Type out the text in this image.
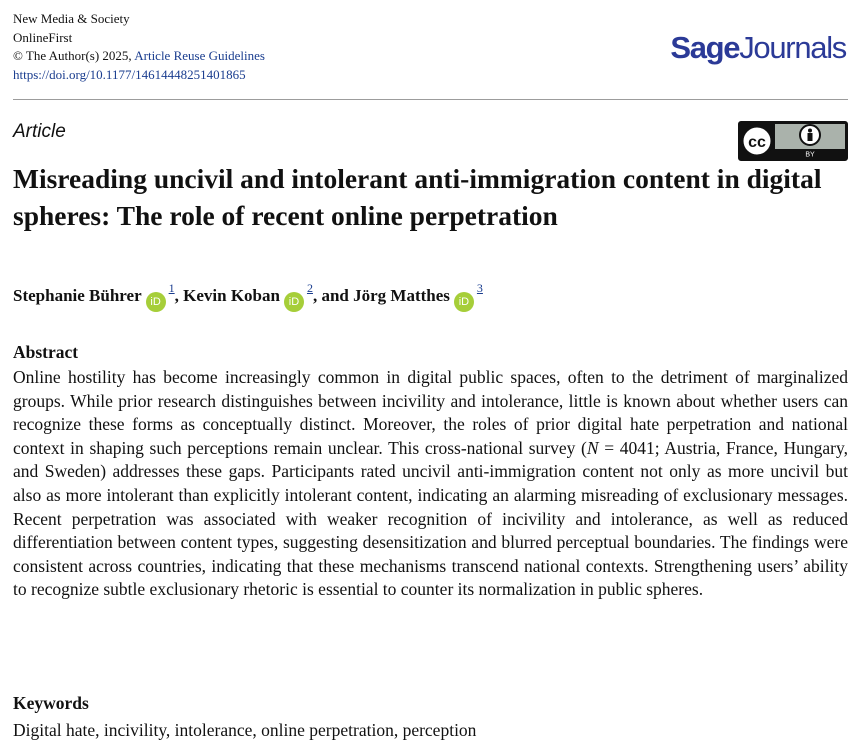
New Media & Society
OnlineFirst
© The Author(s) 2025, Article Reuse Guidelines
https://doi.org/10.1177/14614448251401865
SageJournals
Article
cc
BY
Misreading uncivil and intolerant anti-immigration content in digital spheres: The role of recent online perpetration
Stephanie Bührer iD$^1$, Kevin Koban iD$^2$, and Jörg Matthes iD$^3$
Abstract

Online hostility has become increasingly common in digital public spaces, often to the detriment of marginalized groups. While prior research distinguishes between incivility and intolerance, little is known about whether users can recognize these forms as conceptually distinct. Moreover, the roles of prior digital hate perpetration and national context in shaping such perceptions remain unclear. This cross-national survey (N = 4041; Austria, France, Hungary, and Sweden) addresses these gaps. Participants rated uncivil anti-immigration content not only as more uncivil but also as more intolerant than explicitly intolerant content, indicating an alarming misreading of exclusionary messages. Recent perpetration was associated with weaker recognition of incivility and intolerance, as well as reduced differentiation between content types, suggesting desensitization and blurred perceptual boundaries. The findings were consistent across countries, indicating that these mechanisms transcend national contexts. Strengthening users’ ability to recognize subtle exclusionary rhetoric is essential to counter its normalization in public spheres.

Keywords
Digital hate, incivility, intolerance, online perpetration, perception
